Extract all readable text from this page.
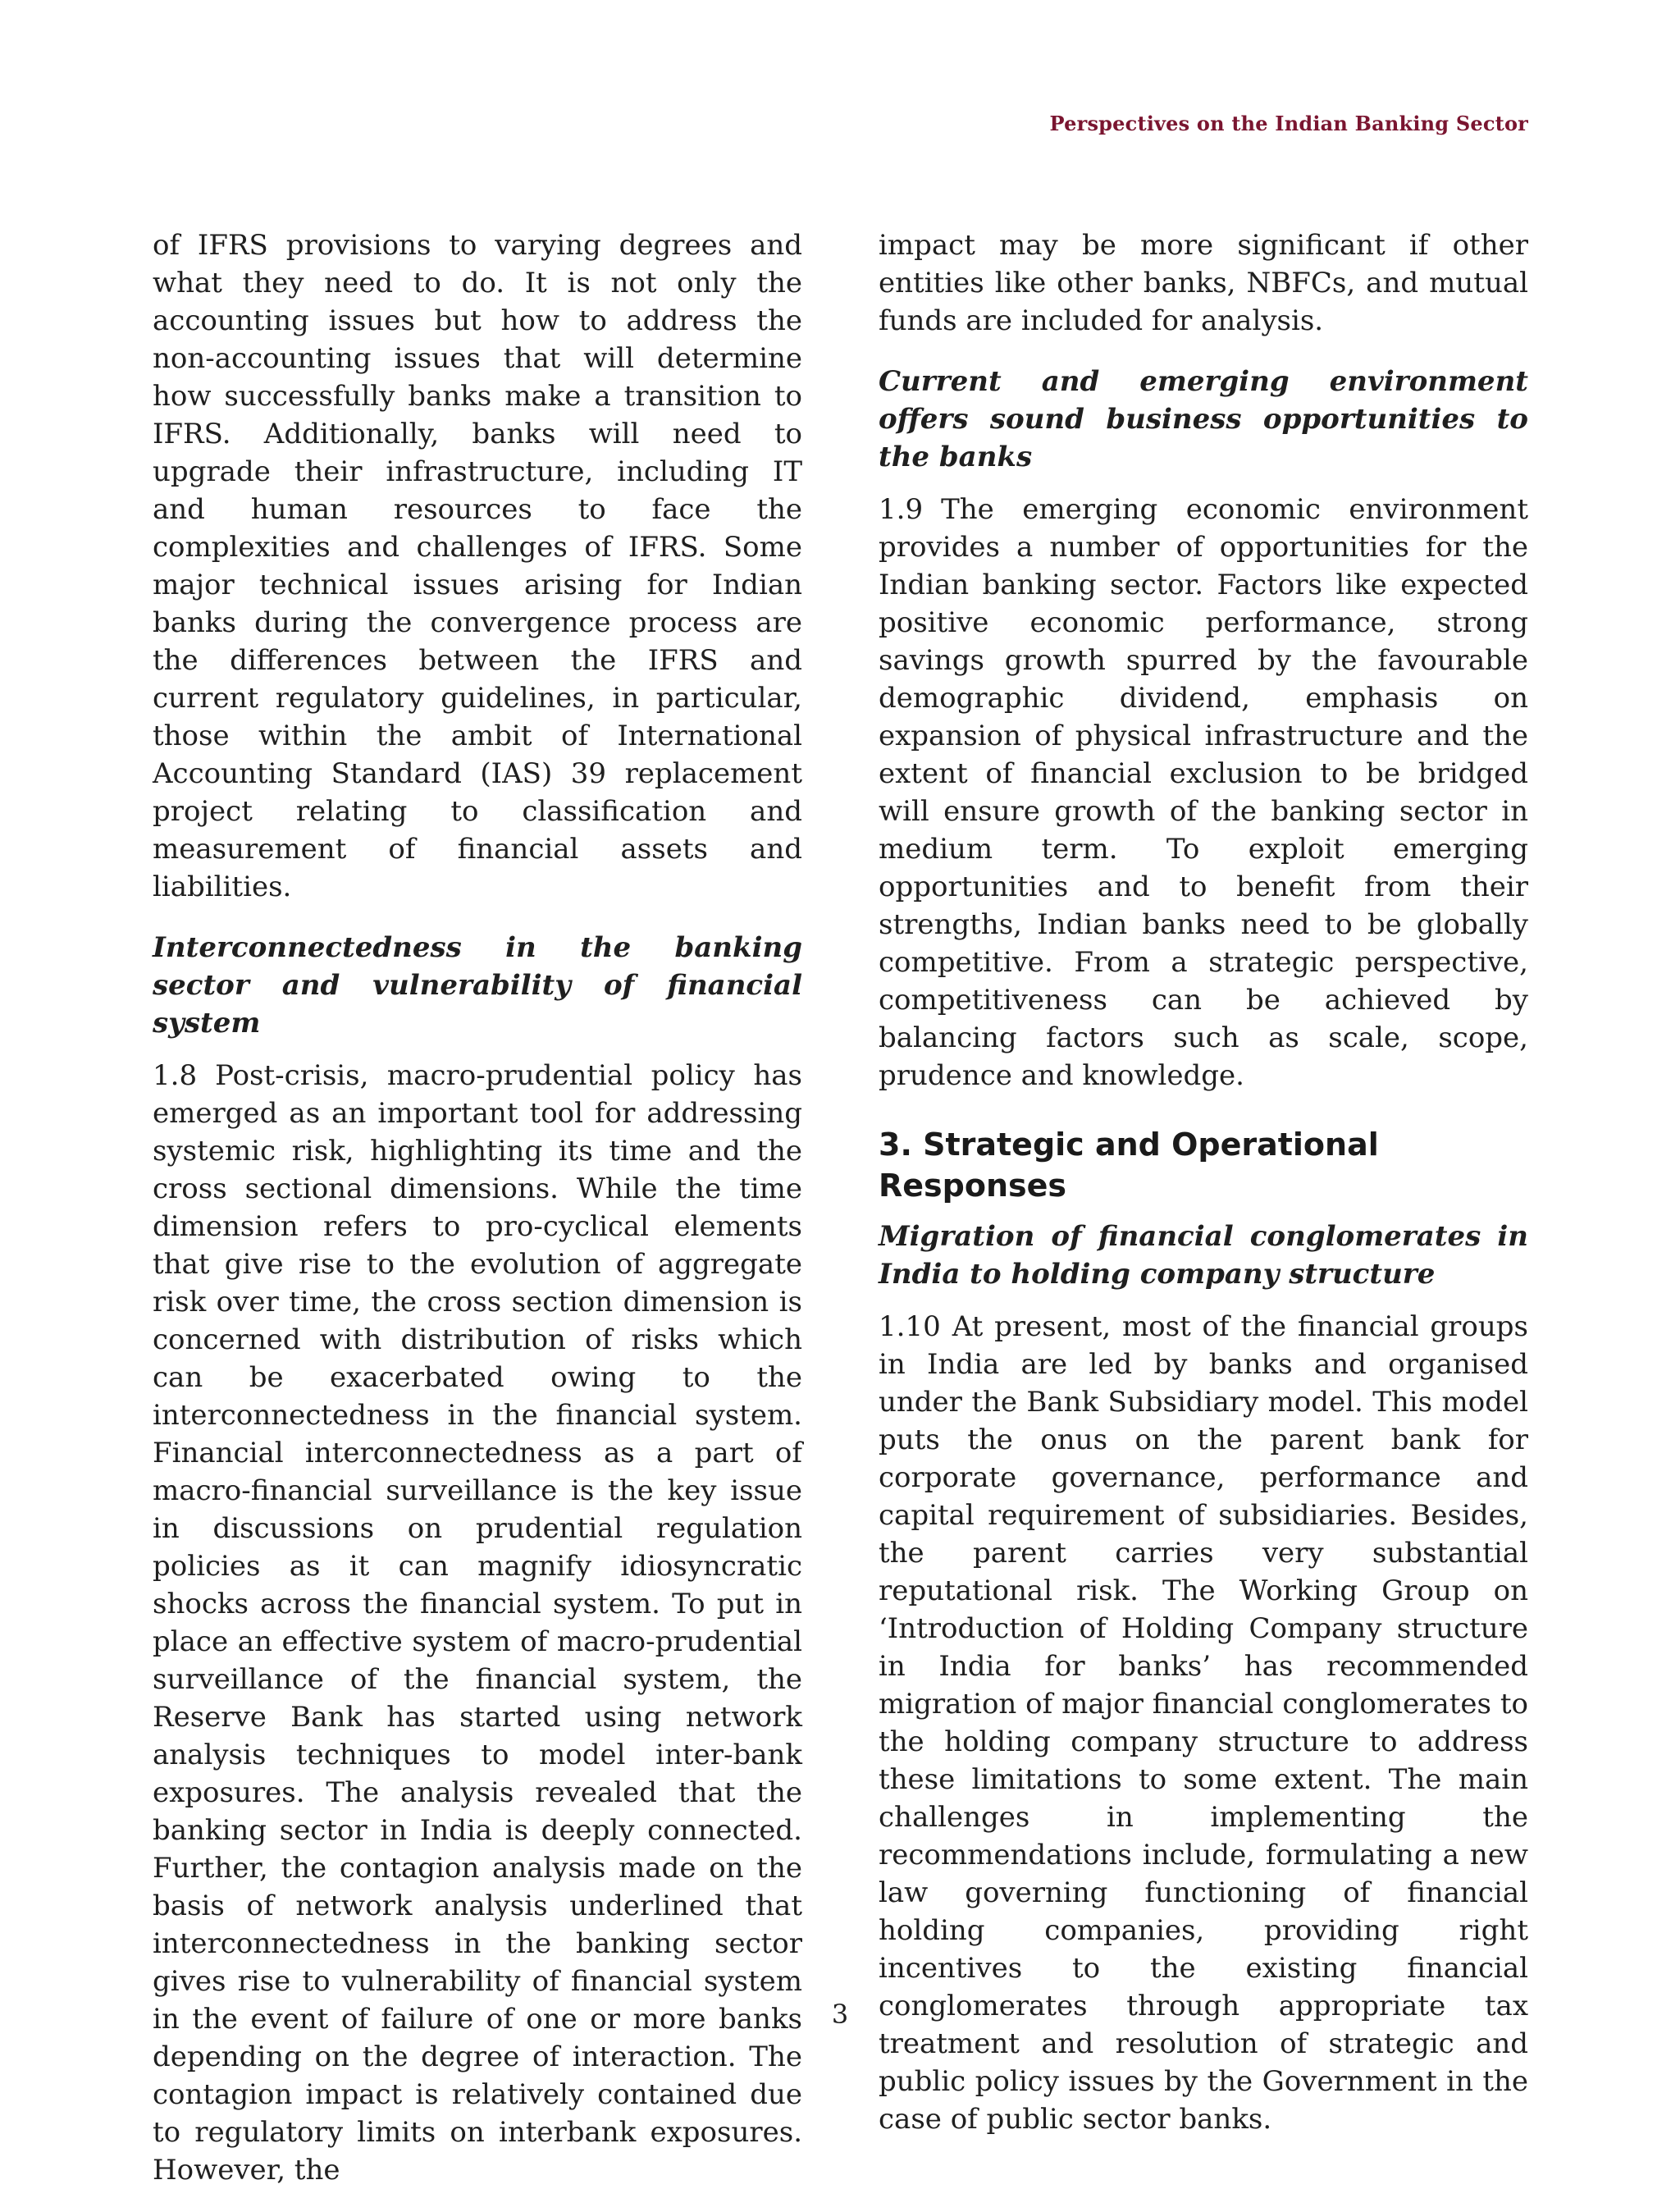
Perspectives on the Indian Banking Sector

of IFRS provisions to varying degrees and what they need to do. It is not only the accounting issues but how to address the non-accounting issues that will determine how successfully banks make a transition to IFRS. Additionally, banks will need to upgrade their infrastructure, including IT and human resources to face the complexities and challenges of IFRS. Some major technical issues arising for Indian banks during the convergence process are the differences between the IFRS and current regulatory guidelines, in particular, those within the ambit of International Accounting Standard (IAS) 39 replacement project relating to classification and measurement of financial assets and liabilities.

Interconnectedness in the banking sector and vulnerability of financial system

1.8 Post-crisis, macro-prudential policy has emerged as an important tool for addressing systemic risk, highlighting its time and the cross sectional dimensions. While the time dimension refers to pro-cyclical elements that give rise to the evolution of aggregate risk over time, the cross section dimension is concerned with distribution of risks which can be exacerbated owing to the interconnectedness in the financial system. Financial interconnectedness as a part of macro-financial surveillance is the key issue in discussions on prudential regulation policies as it can magnify idiosyncratic shocks across the financial system. To put in place an effective system of macro-prudential surveillance of the financial system, the Reserve Bank has started using network analysis techniques to model inter-bank exposures. The analysis revealed that the banking sector in India is deeply connected. Further, the contagion analysis made on the basis of network analysis underlined that interconnectedness in the banking sector gives rise to vulnerability of financial system in the event of failure of one or more banks depending on the degree of interaction. The contagion impact is relatively contained due to regulatory limits on interbank exposures. However, the

impact may be more significant if other entities like other banks, NBFCs, and mutual funds are included for analysis.

Current and emerging environment offers sound business opportunities to the banks

1.9 The emerging economic environment provides a number of opportunities for the Indian banking sector. Factors like expected positive economic performance, strong savings growth spurred by the favourable demographic dividend, emphasis on expansion of physical infrastructure and the extent of financial exclusion to be bridged will ensure growth of the banking sector in medium term. To exploit emerging opportunities and to benefit from their strengths, Indian banks need to be globally competitive. From a strategic perspective, competitiveness can be achieved by balancing factors such as scale, scope, prudence and knowledge.

3. Strategic and Operational Responses
Migration of financial conglomerates in India to holding company structure

1.10 At present, most of the financial groups in India are led by banks and organised under the Bank Subsidiary model. This model puts the onus on the parent bank for corporate governance, performance and capital requirement of subsidiaries. Besides, the parent carries very substantial reputational risk. The Working Group on ‘Introduction of Holding Company structure in India for banks’ has recommended migration of major financial conglomerates to the holding company structure to address these limitations to some extent. The main challenges in implementing the recommendations include, formulating a new law governing functioning of financial holding companies, providing right incentives to the existing financial conglomerates through appropriate tax treatment and resolution of strategic and public policy issues by the Government in the case of public sector banks.

3
